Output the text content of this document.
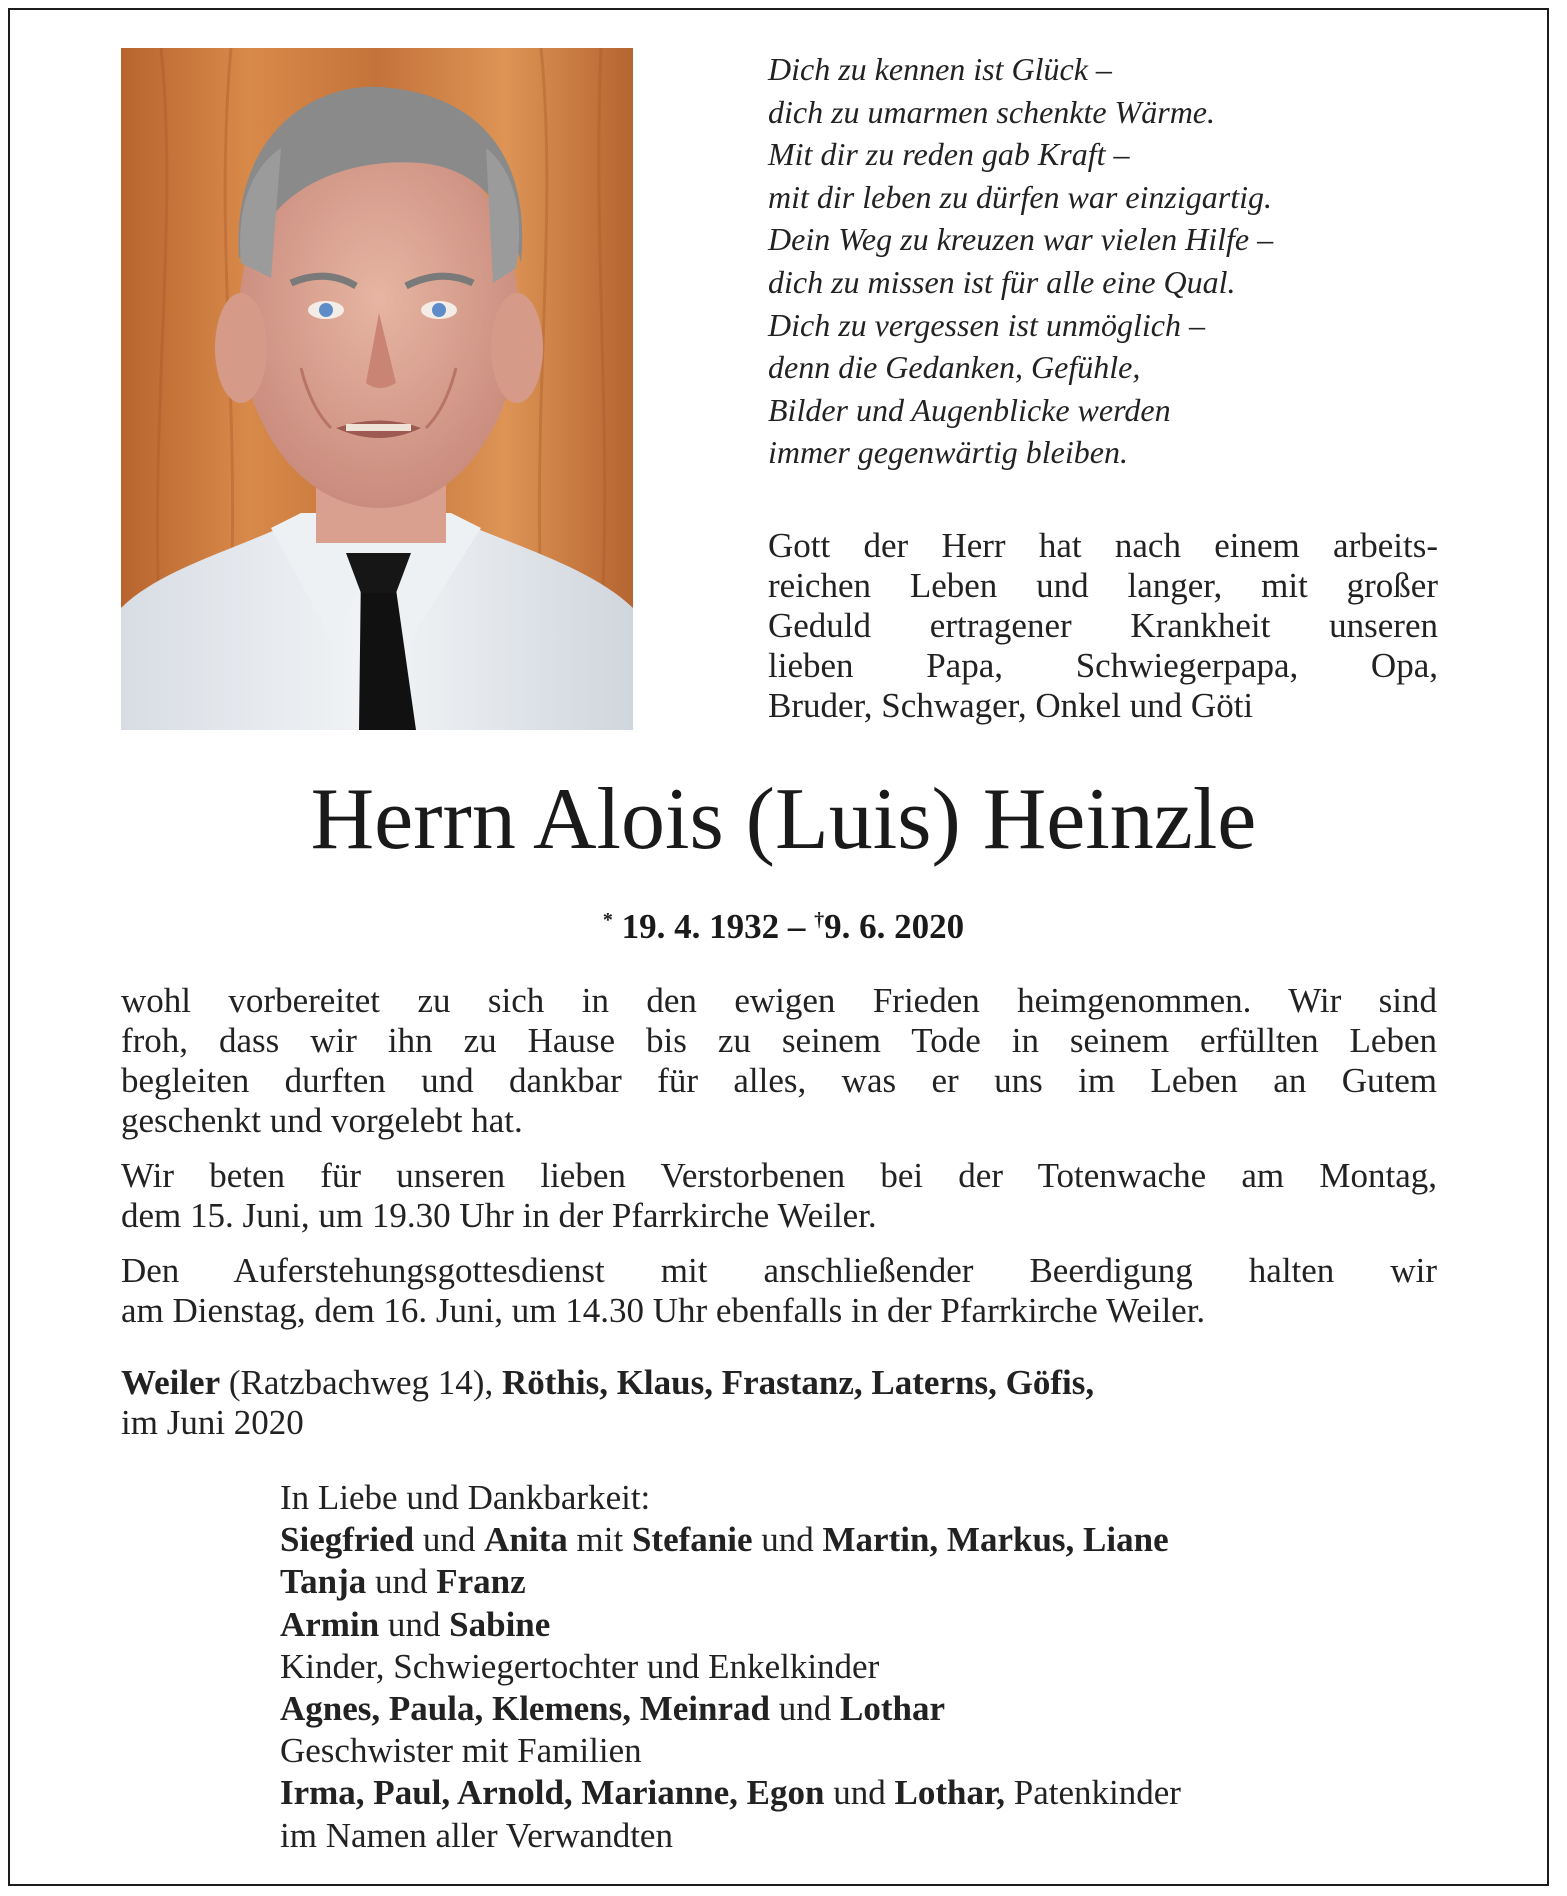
Dich zu kennen ist Glück –
dich zu umarmen schenkte Wärme.
Mit dir zu reden gab Kraft –
mit dir leben zu dürfen war einzigartig.
Dein Weg zu kreuzen war vielen Hilfe –
dich zu missen ist für alle eine Qual.
Dich zu vergessen ist unmöglich –
denn die Gedanken, Gefühle,
Bilder und Augenblicke werden
immer gegenwärtig bleiben.
Gott der Herr hat nach einem arbeits-
reichen Leben und langer, mit großer
Geduld ertragener Krankheit unseren
lieben Papa, Schwiegerpapa, Opa,
Bruder, Schwager, Onkel und Göti
Herrn Alois (Luis) Heinzle
* 19. 4. 1932 – †9. 6. 2020
wohl vorbereitet zu sich in den ewigen Frieden heimgenommen. Wir sind
froh, dass wir ihn zu Hause bis zu seinem Tode in seinem erfüllten Leben
begleiten durften und dankbar für alles, was er uns im Leben an Gutem
geschenkt und vorgelebt hat.
Wir beten für unseren lieben Verstorbenen bei der Totenwache am Montag,
dem 15. Juni, um 19.30 Uhr in der Pfarrkirche Weiler.
Den Auferstehungsgottesdienst mit anschließender Beerdigung halten wir
am Dienstag, dem 16. Juni, um 14.30 Uhr ebenfalls in der Pfarrkirche Weiler.
Weiler (Ratzbachweg 14), Röthis, Klaus, Frastanz, Laterns, Göfis,
im Juni 2020
In Liebe und Dankbarkeit:
Siegfried und Anita mit Stefanie und Martin, Markus, Liane
Tanja und Franz
Armin und Sabine
Kinder, Schwiegertochter und Enkelkinder
Agnes, Paula, Klemens, Meinrad und Lothar
Geschwister mit Familien
Irma, Paul, Arnold, Marianne, Egon und Lothar, Patenkinder
im Namen aller Verwandten
